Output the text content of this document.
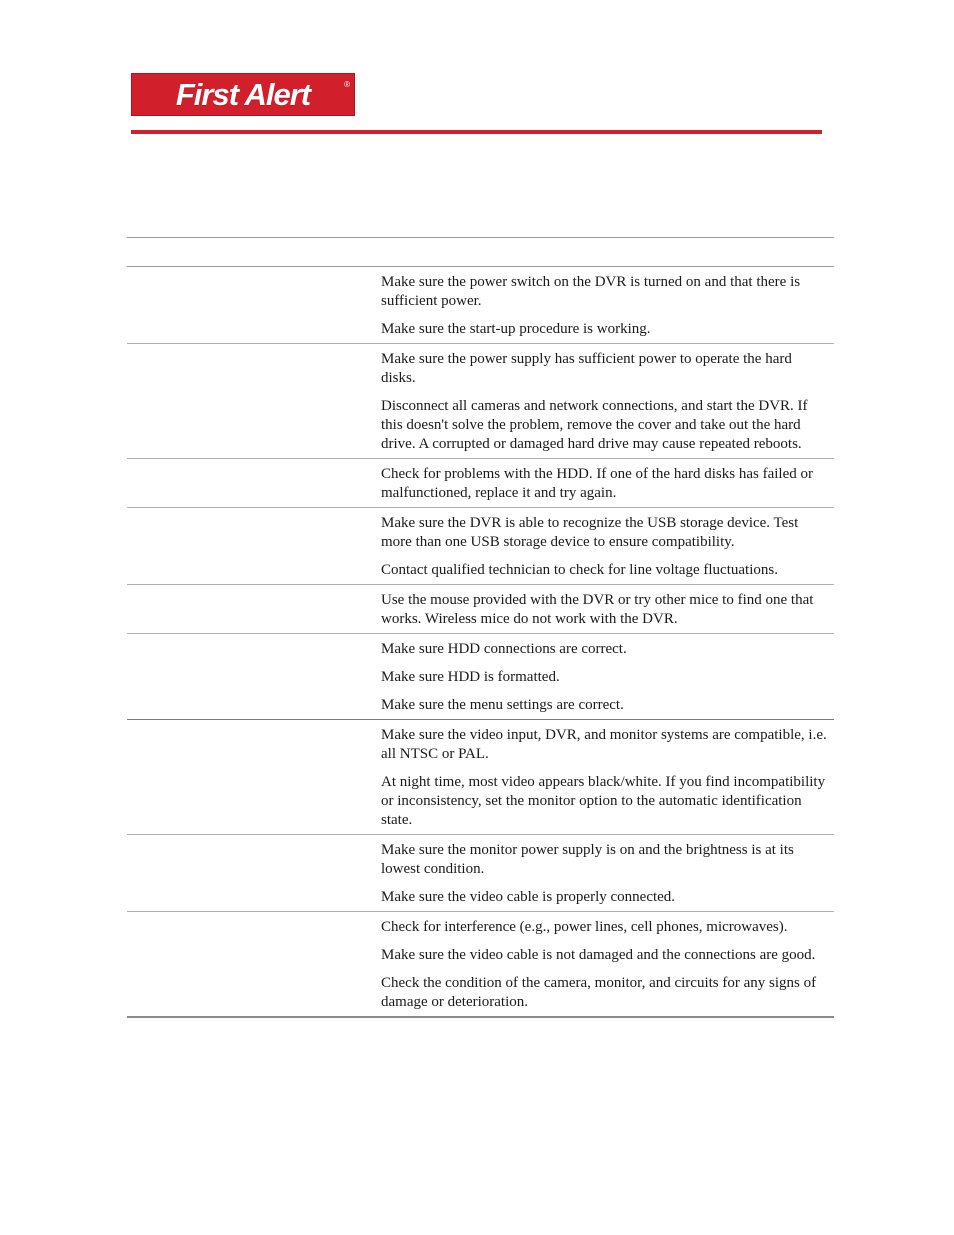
First Alert	®

Make sure the power switch on the DVR is turned on and that there is sufficient power.

Make sure the start-up procedure is working.

Make sure the power supply has sufficient power to operate the hard disks.

Disconnect all cameras and network connections, and start the DVR. If this doesn't solve the problem, remove the cover and take out the hard drive. A corrupted or damaged hard drive may cause repeated reboots.

Check for problems with the HDD. If one of the hard disks has failed or malfunctioned, replace it and try again.

Make sure the DVR is able to recognize the USB storage device. Test more than one USB storage device to ensure compatibility.

Contact qualified technician to check for line voltage fluctuations.

Use the mouse provided with the DVR or try other mice to find one that works. Wireless mice do not work with the DVR.

Make sure HDD connections are correct.

Make sure HDD is formatted.

Make sure the menu settings are correct.

Make sure the video input, DVR, and monitor systems are compatible, i.e. all NTSC or PAL.

At night time, most video appears black/white. If you find incompatibility or inconsistency, set the monitor option to the automatic identification state.

Make sure the monitor power supply is on and the brightness is at its lowest condition.

Make sure the video cable is properly connected.

Check for interference (e.g., power lines, cell phones, microwaves).

Make sure the video cable is not damaged and the connections are good.

Check the condition of the camera, monitor, and circuits for any signs of damage or deterioration.
